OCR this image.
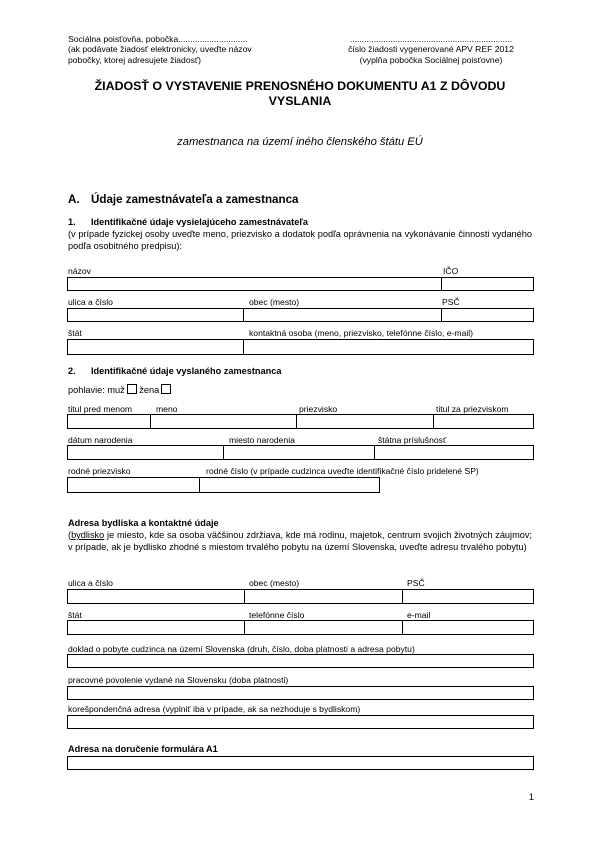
Sociálna poisťovňa, pobočka.............................
(ak podávate žiadosť elektronicky, uveďte názov
pobočky, ktorej adresujete žiadosť)
....................................................................
číslo žiadosti vygenerované APV REF 2012
(vyplňa pobočka Sociálnej poisťovne)
ŽIADOSŤ O VYSTAVENIE PRENOSNÉHO DOKUMENTU A1 Z DÔVODU
VYSLANIA
zamestnanca na území iného členského štátu EÚ
A. Údaje zamestnávateľa a zamestnanca
1. Identifikačné údaje vysielajúceho zamestnávateľa
(v prípade fyzickej osoby uveďte meno, priezvisko a dodatok podľa oprávnenia na vykonávanie činnosti vydaného podľa osobitného predpisu):
názov	IČO
ulica a číslo	obec (mesto)	PSČ
štát	kontaktná osoba (meno, priezvisko, telefónne číslo, e-mail)
2. Identifikačné údaje vyslaného zamestnanca
pohlavie: muž žena
titul pred menom	meno	priezvisko	titul za priezviskom
dátum narodenia	miesto narodenia	štátna príslušnosť
rodné priezvisko	rodné číslo (v prípade cudzinca uveďte identifikačné číslo pridelené SP)
Adresa bydliska a kontaktné údaje
(bydlisko je miesto, kde sa osoba väčšinou zdržiava, kde má rodinu, majetok, centrum svojich životných záujmov; v prípade, ak je bydlisko zhodné s miestom trvalého pobytu na území Slovenska, uveďte adresu trvalého pobytu)
ulica a číslo	obec (mesto)	PSČ
štát	telefónne číslo	e-mail
doklad o pobyte cudzinca na území Slovenska (druh, číslo, doba platnosti a adresa pobytu)
pracovné povolenie vydané na Slovensku (doba platnosti)
korešpondenčná adresa (vyplniť iba v prípade, ak sa nezhoduje s bydliskom)
Adresa na doručenie formulára A1
1
